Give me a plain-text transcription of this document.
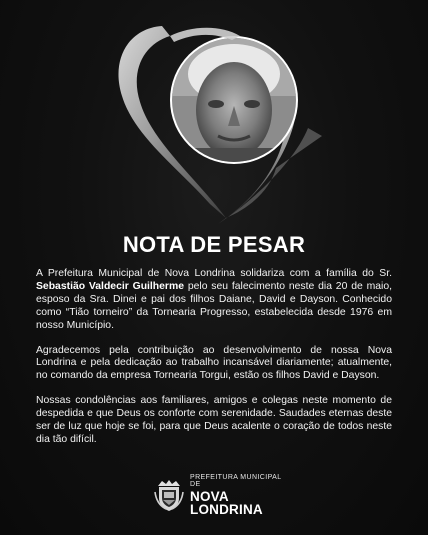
NOTA DE PESAR

A Prefeitura Municipal de Nova Londrina solidariza com a família do Sr. Sebastião Valdecir Guilherme pelo seu falecimento neste dia 20 de maio, esposo da Sra. Dinei e pai dos filhos Daiane, David e Dayson. Conhecido como “Tião torneiro” da Tornearia Progresso, estabelecida desde 1976 em nosso Município.

Agradecemos pela contribuição ao desenvolvimento de nossa Nova Londrina e pela dedicação ao trabalho incansável diariamente; atualmente, no comando da empresa Tornearia Torgui, estão os filhos David e Dayson.

Nossas condolências aos familiares, amigos e colegas neste momento de despedida e que Deus os conforte com serenidade. Saudades eternas deste ser de luz que hoje se foi, para que Deus acalente o coração de todos neste dia tão difícil.

PREFEITURA MUNICIPAL DE
NOVA LONDRINA
